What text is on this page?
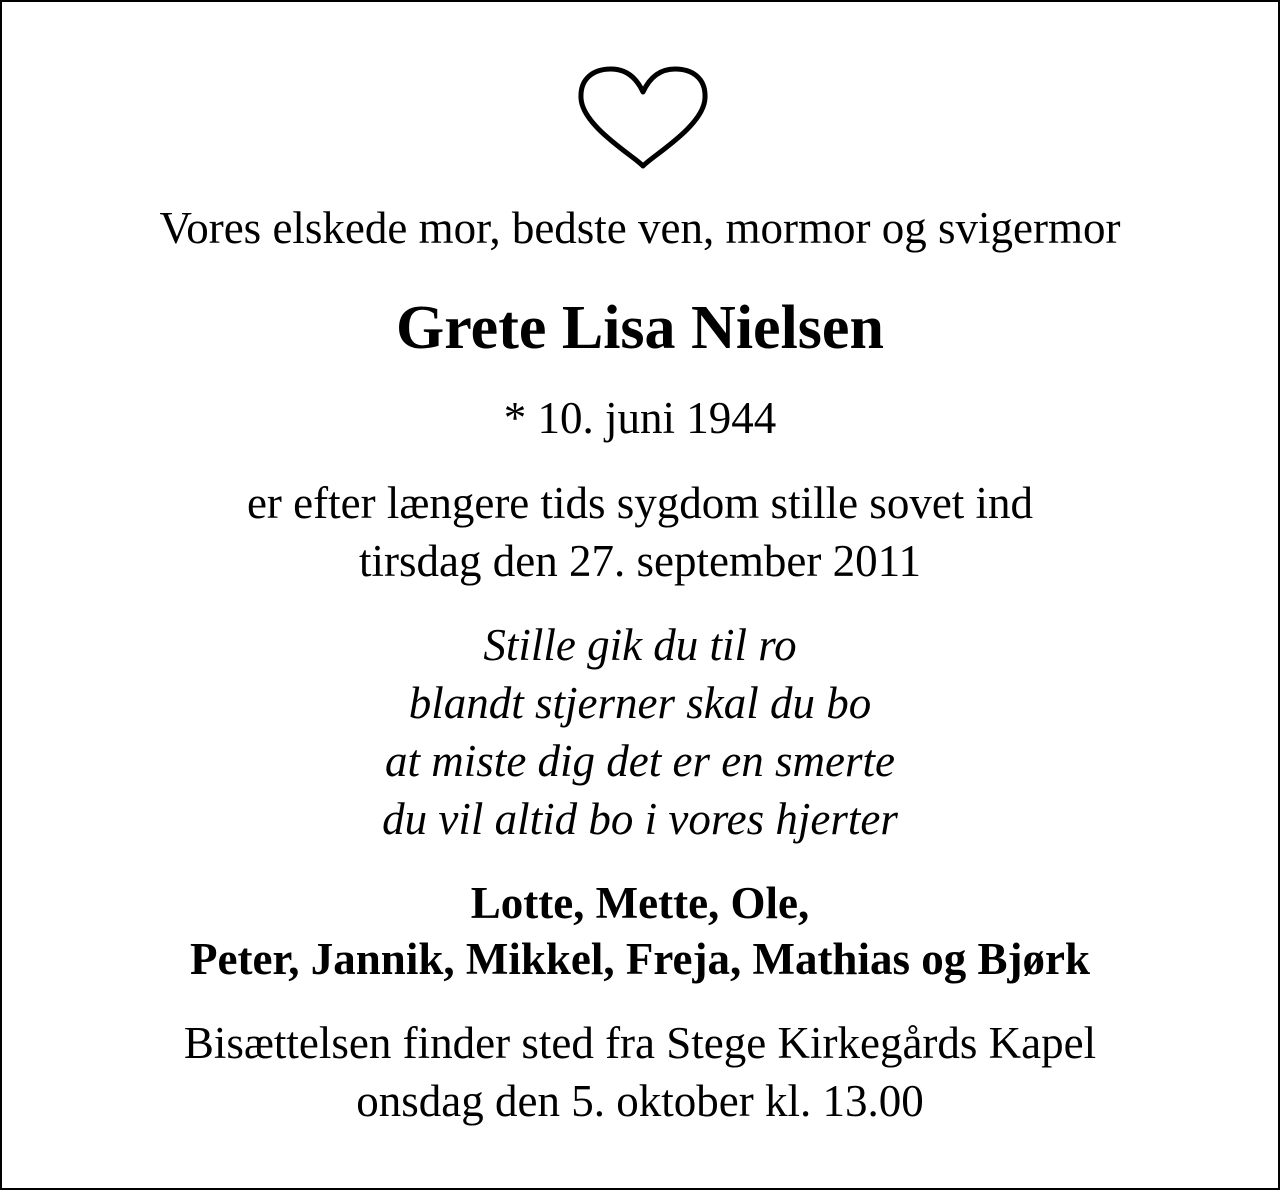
Vores elskede mor, bedste ven, mormor og svigermor

Grete Lisa Nielsen

* 10. juni 1944

er efter længere tids sygdom stille sovet ind
tirsdag den 27. september 2011
Stille gik du til ro
blandt stjerner skal du bo
at miste dig det er en smerte
du vil altid bo i vores hjerter
Lotte, Mette, Ole,
Peter, Jannik, Mikkel, Freja, Mathias og Bjørk
Bisættelsen finder sted fra Stege Kirkegårds Kapel
onsdag den 5. oktober kl. 13.00
